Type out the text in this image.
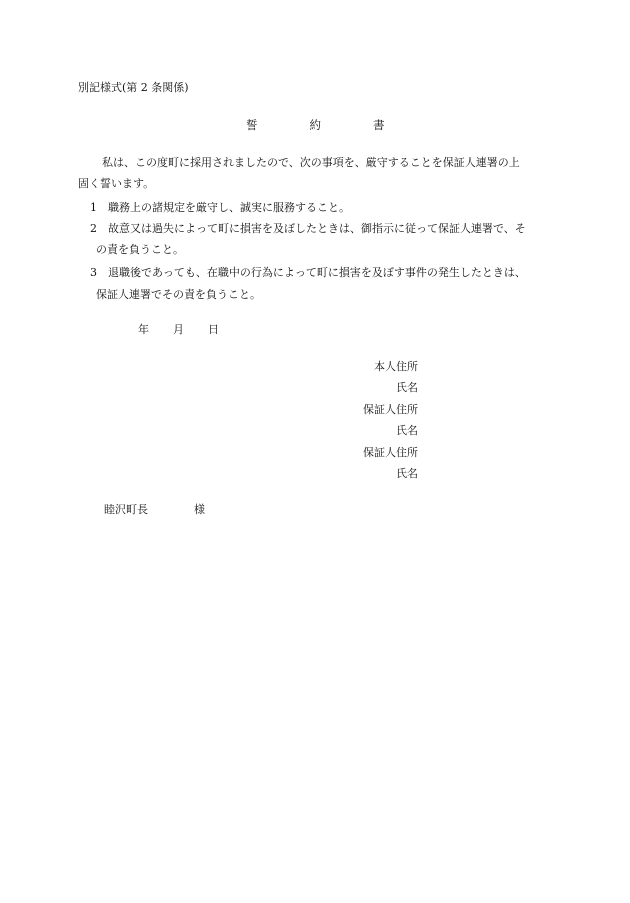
別記様式(第 2 条関係)
誓約書
私は、この度町に採用されましたので、次の事項を、厳守することを保証人連署の上
固く誓います。
1 職務上の諸規定を厳守し、誠実に服務すること。
2 故意又は過失によって町に損害を及ぼしたときは、御指示に従って保証人連署で、そ
の責を負うこと。
3 退職後であっても、在職中の行為によって町に損害を及ぼす事件の発生したときは、
保証人連署でその責を負うこと。
年 月 日
本人住所
氏名
保証人住所
氏名
保証人住所
氏名
睦沢町長	様
